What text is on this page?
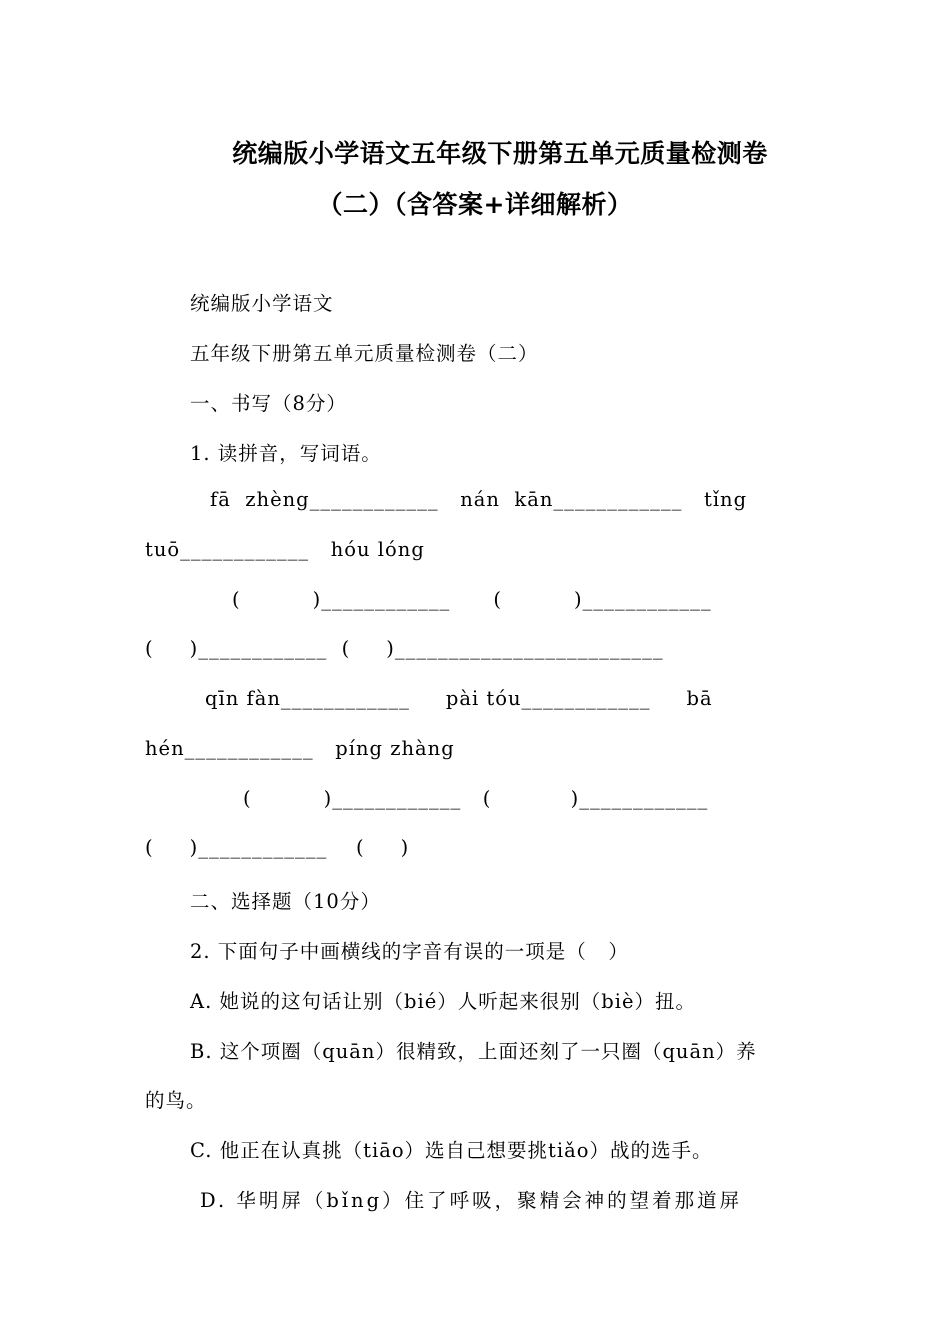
统编版小学语文五年级下册第五单元质量检测卷
（二）（含答案+详细解析）
统编版小学语文
五年级下册第五单元质量检测卷（二）
一、书写（8分）
1. 读拼音，写词语。
fā  zhèng____________   nán  kān____________   tǐng
tuō____________   hóu lóng
(          )____________      (          )____________
(     )____________  (     )_________________________
qīn fàn____________     pài tóu____________     bā
hén____________   píng zhàng
(          )____________   (           )____________
(     )____________    (     )
二、选择题（10分）
2. 下面句子中画横线的字音有误的一项是（   ）
A. 她说的这句话让别（bié）人听起来很别（biè）扭。
B. 这个项圈（quān）很精致，上面还刻了一只圈（quān）养
的鸟。
C. 他正在认真挑（tiāo）选自己想要挑tiǎo）战的选手。
D. 华明屏（bǐng）住了呼吸，聚精会神的望着那道屏
